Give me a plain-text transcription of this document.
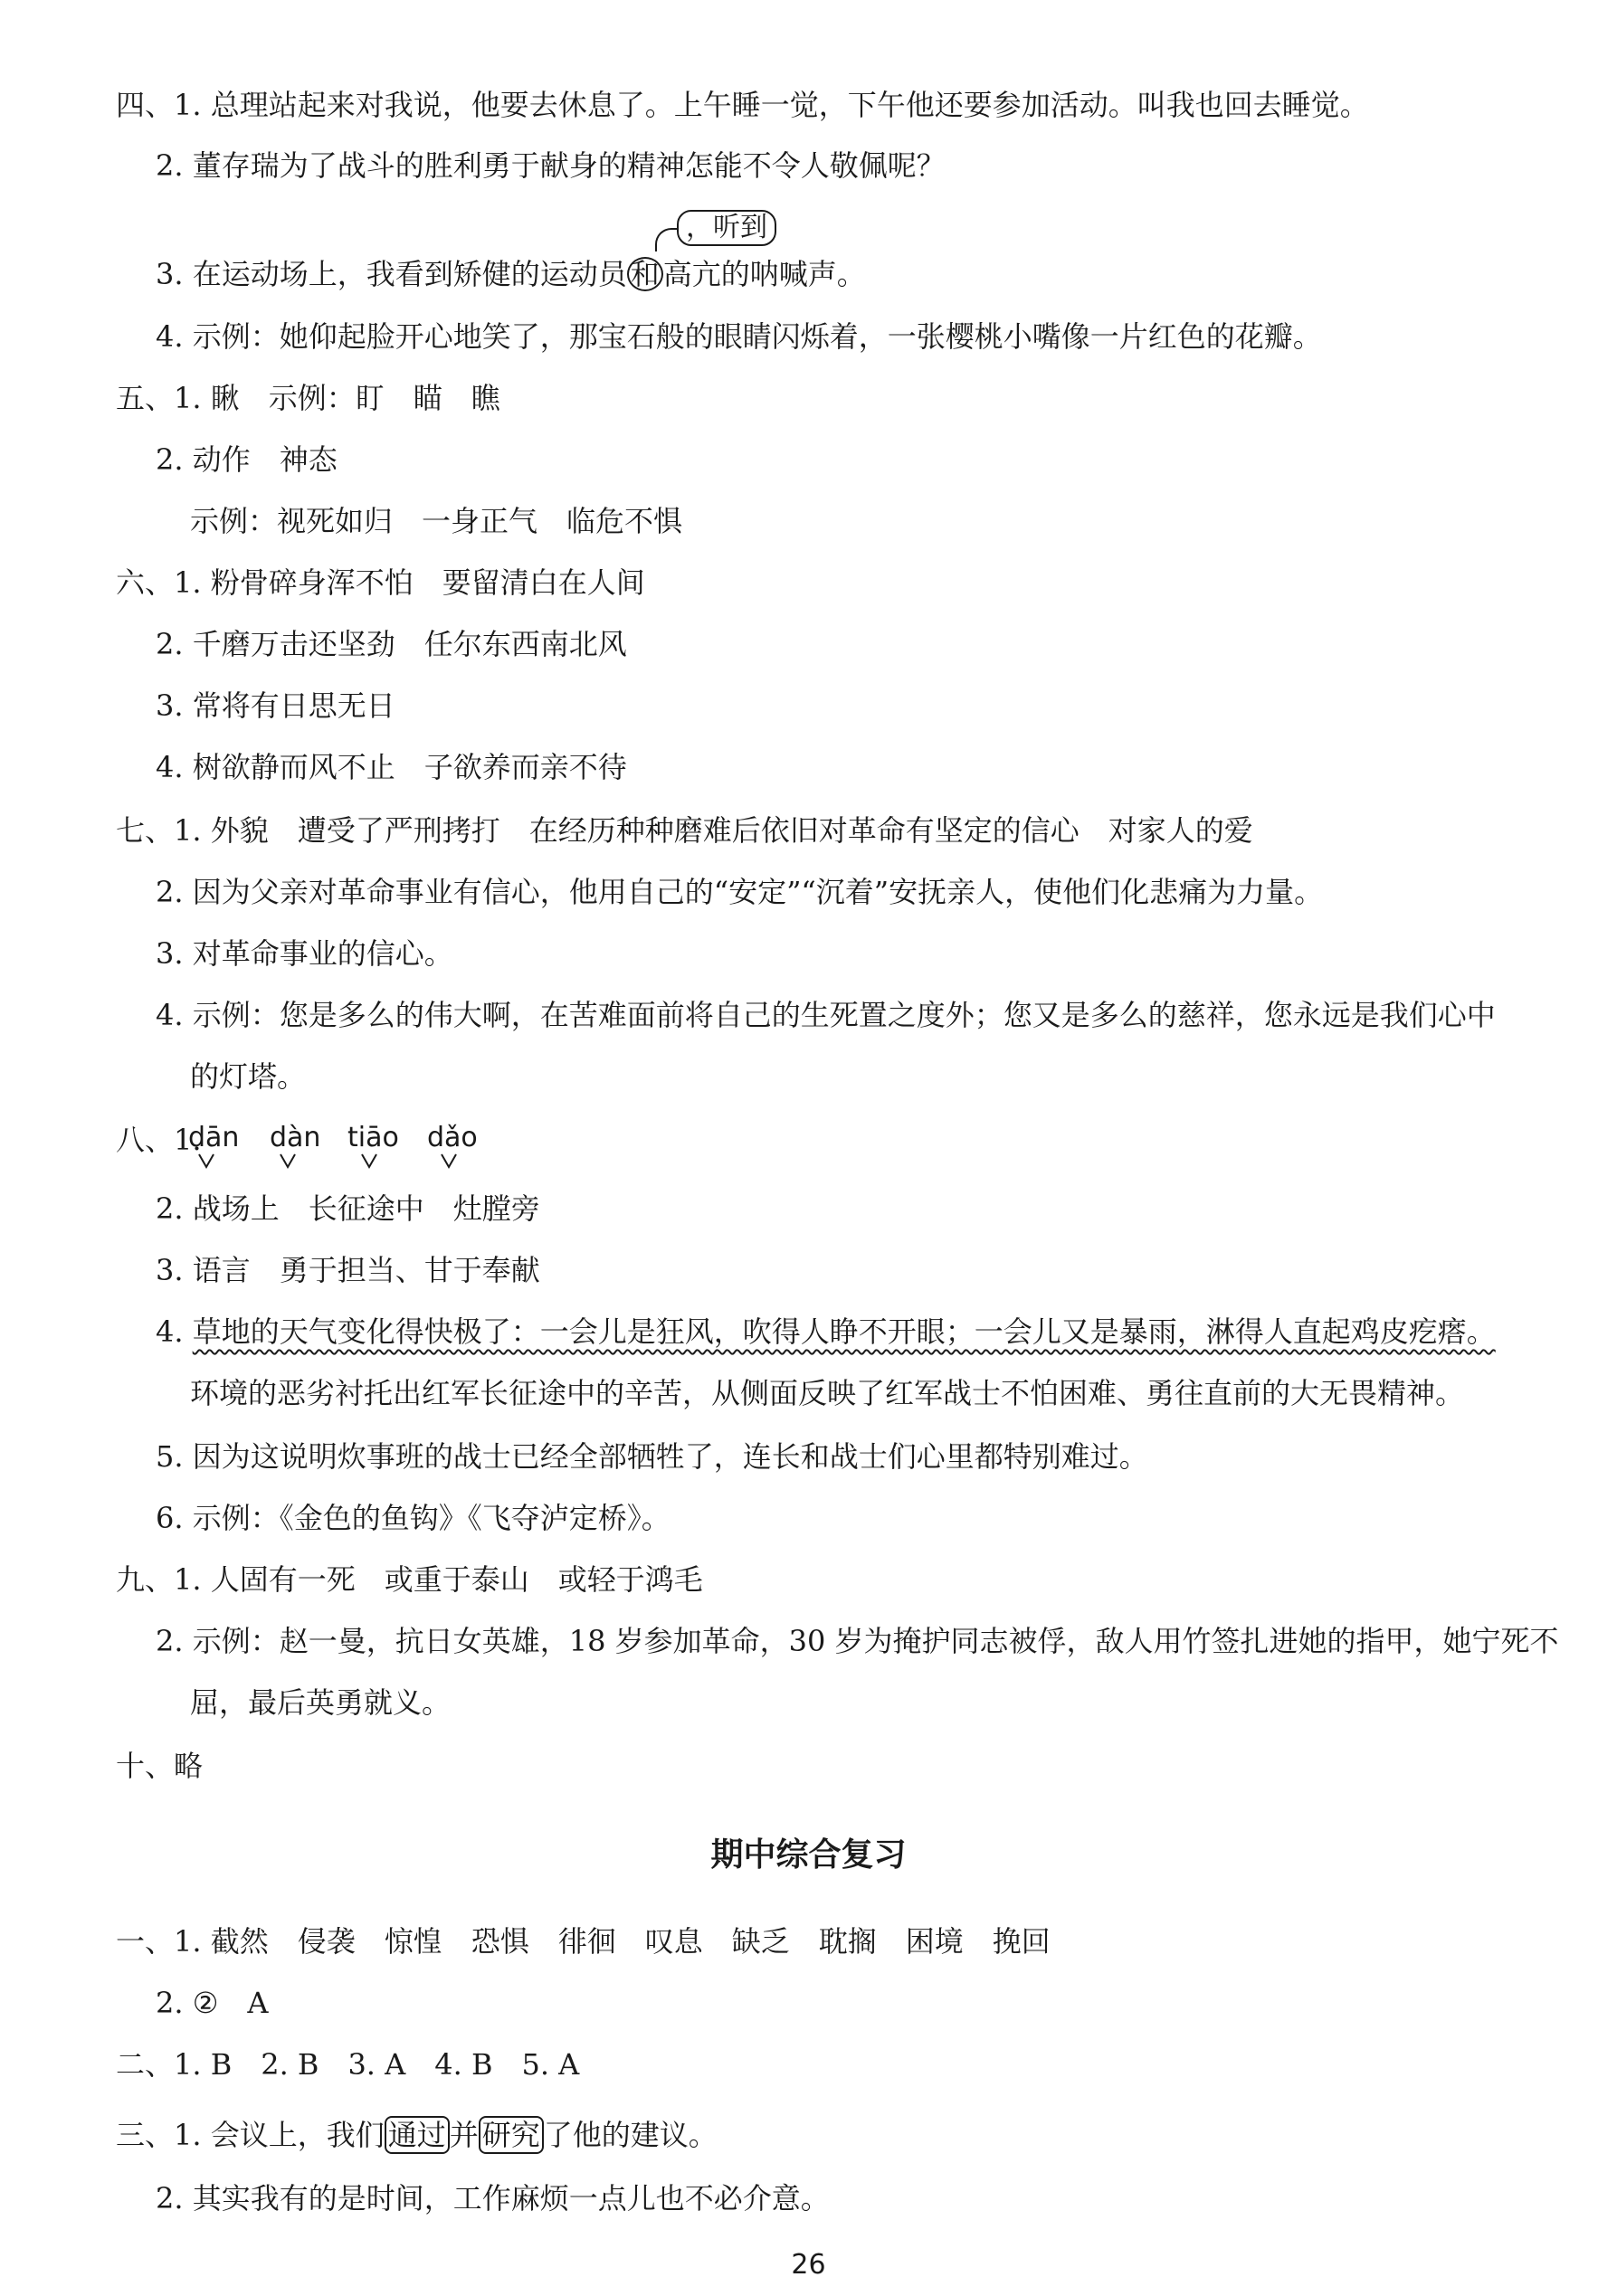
四、1. 总理站起来对我说，他要去休息了。上午睡一觉，下午他还要参加活动。叫我也回去睡觉。
2. 董存瑞为了战斗的胜利勇于献身的精神怎能不令人敬佩呢？
，听到
3. 在运动场上，我看到矫健的运动员 和 高亢的呐喊声。
4. 示例：她仰起脸开心地笑了，那宝石般的眼睛闪烁着，一张樱桃小嘴像一片红色的花瓣。
五、1. 瞅　示例：盯　瞄　瞧
2. 动作　神态
示例：视死如归　一身正气　临危不惧
六、1. 粉骨碎身浑不怕　要留清白在人间
2. 千磨万击还坚劲　任尔东西南北风
3. 常将有日思无日
4. 树欲静而风不止　子欲养而亲不待
七、1. 外貌　遭受了严刑拷打　在经历种种磨难后依旧对革命有坚定的信心　对家人的爱
2. 因为父亲对革命事业有信心，他用自己的“安定”“沉着”安抚亲人，使他们化悲痛为力量。
3. 对革命事业的信心。
4. 示例：您是多么的伟大啊，在苦难面前将自己的生死置之度外；您又是多么的慈祥，您永远是我们心中
的灯塔。
八、1.
dān dàn tiāo dǎo
2. 战场上　长征途中　灶膛旁
3. 语言　勇于担当、甘于奉献
4. 草地的天气变化得快极了：一会儿是狂风，吹得人睁不开眼；一会儿又是暴雨，淋得人直起鸡皮疙瘩。
环境的恶劣衬托出红军长征途中的辛苦，从侧面反映了红军战士不怕困难、勇往直前的大无畏精神。
5. 因为这说明炊事班的战士已经全部牺牲了，连长和战士们心里都特别难过。
6. 示例：《金色的鱼钩》《飞夺泸定桥》。
九、1. 人固有一死　或重于泰山　或轻于鸿毛
2. 示例：赵一曼，抗日女英雄，18 岁参加革命，30 岁为掩护同志被俘，敌人用竹签扎进她的指甲，她宁死不
屈，最后英勇就义。
十、略
期中综合复习
一、1. 截然　侵袭　惊惶　恐惧　徘徊　叹息　缺乏　耽搁　困境　挽回
2. ②　A
二、1. B　2. B　3. A　4. B　5. A
三、1. 会议上，我们 通过 并 研究 了他的建议。
2. 其实我有的是时间，工作麻烦一点儿也不必介意。
26
